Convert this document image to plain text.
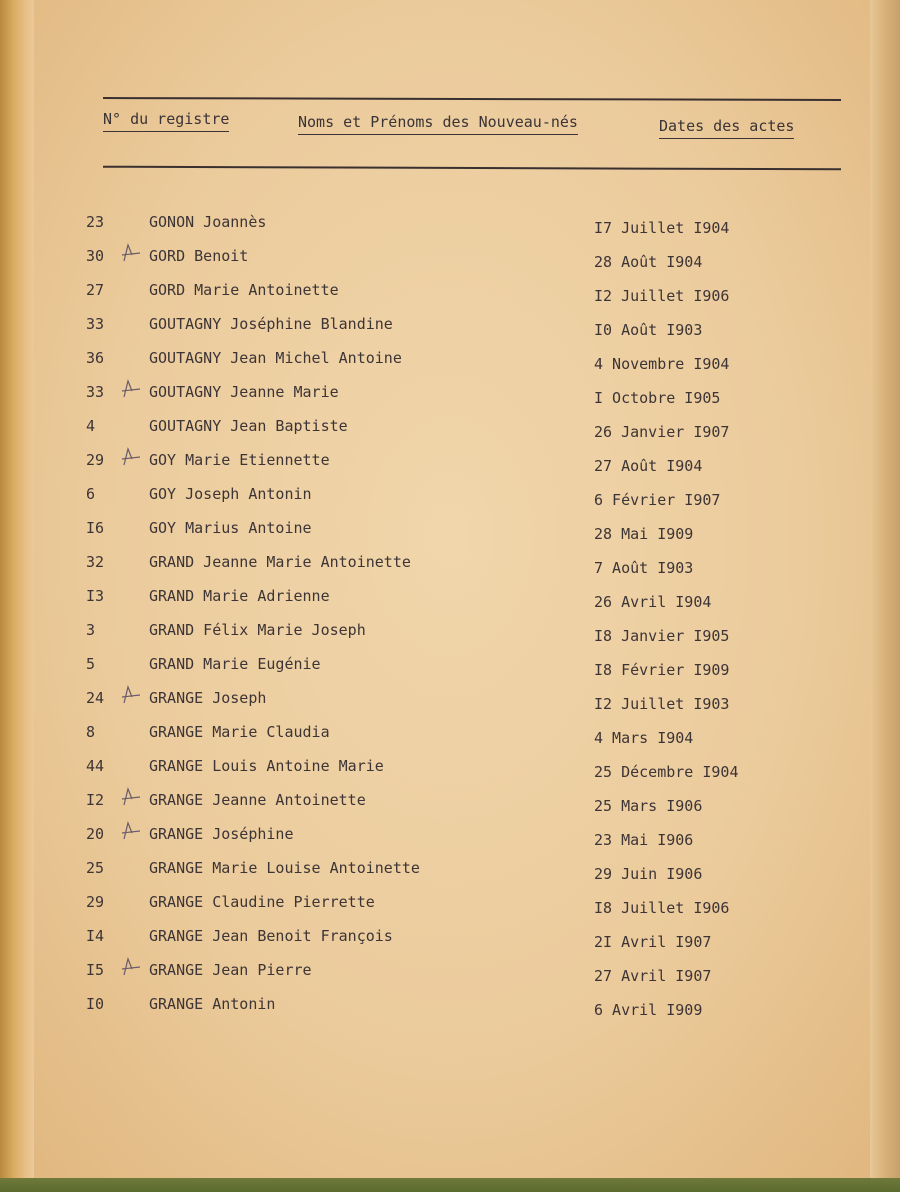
N° du registre	Noms et Prénoms des Nouveau-nés	Dates des actes
23	GONON Joannès	I7 Juillet I904
30	GORD Benoit	28 Août I904
27	GORD Marie Antoinette	I2 Juillet I906
33	GOUTAGNY Joséphine Blandine	I0 Août I903
36	GOUTAGNY Jean Michel Antoine	4 Novembre I904
33	GOUTAGNY Jeanne Marie	I Octobre I905
4	GOUTAGNY Jean Baptiste	26 Janvier I907
29	GOY Marie Etiennette	27 Août I904
6	GOY Joseph Antonin	6 Février I907
I6	GOY Marius Antoine	28 Mai I909
32	GRAND Jeanne Marie Antoinette	7 Août I903
I3	GRAND Marie Adrienne	26 Avril I904
3	GRAND Félix Marie Joseph	I8 Janvier I905
5	GRAND Marie Eugénie	I8 Février I909
24	GRANGE Joseph	I2 Juillet I903
8	GRANGE Marie Claudia	4 Mars I904
44	GRANGE Louis Antoine Marie	25 Décembre I904
I2	GRANGE Jeanne Antoinette	25 Mars I906
20	GRANGE Joséphine	23 Mai I906
25	GRANGE Marie Louise Antoinette	29 Juin I906
29	GRANGE Claudine Pierrette	I8 Juillet I906
I4	GRANGE Jean Benoit François	2I Avril I907
I5	GRANGE Jean Pierre	27 Avril I907
I0	GRANGE Antonin	6 Avril I909
